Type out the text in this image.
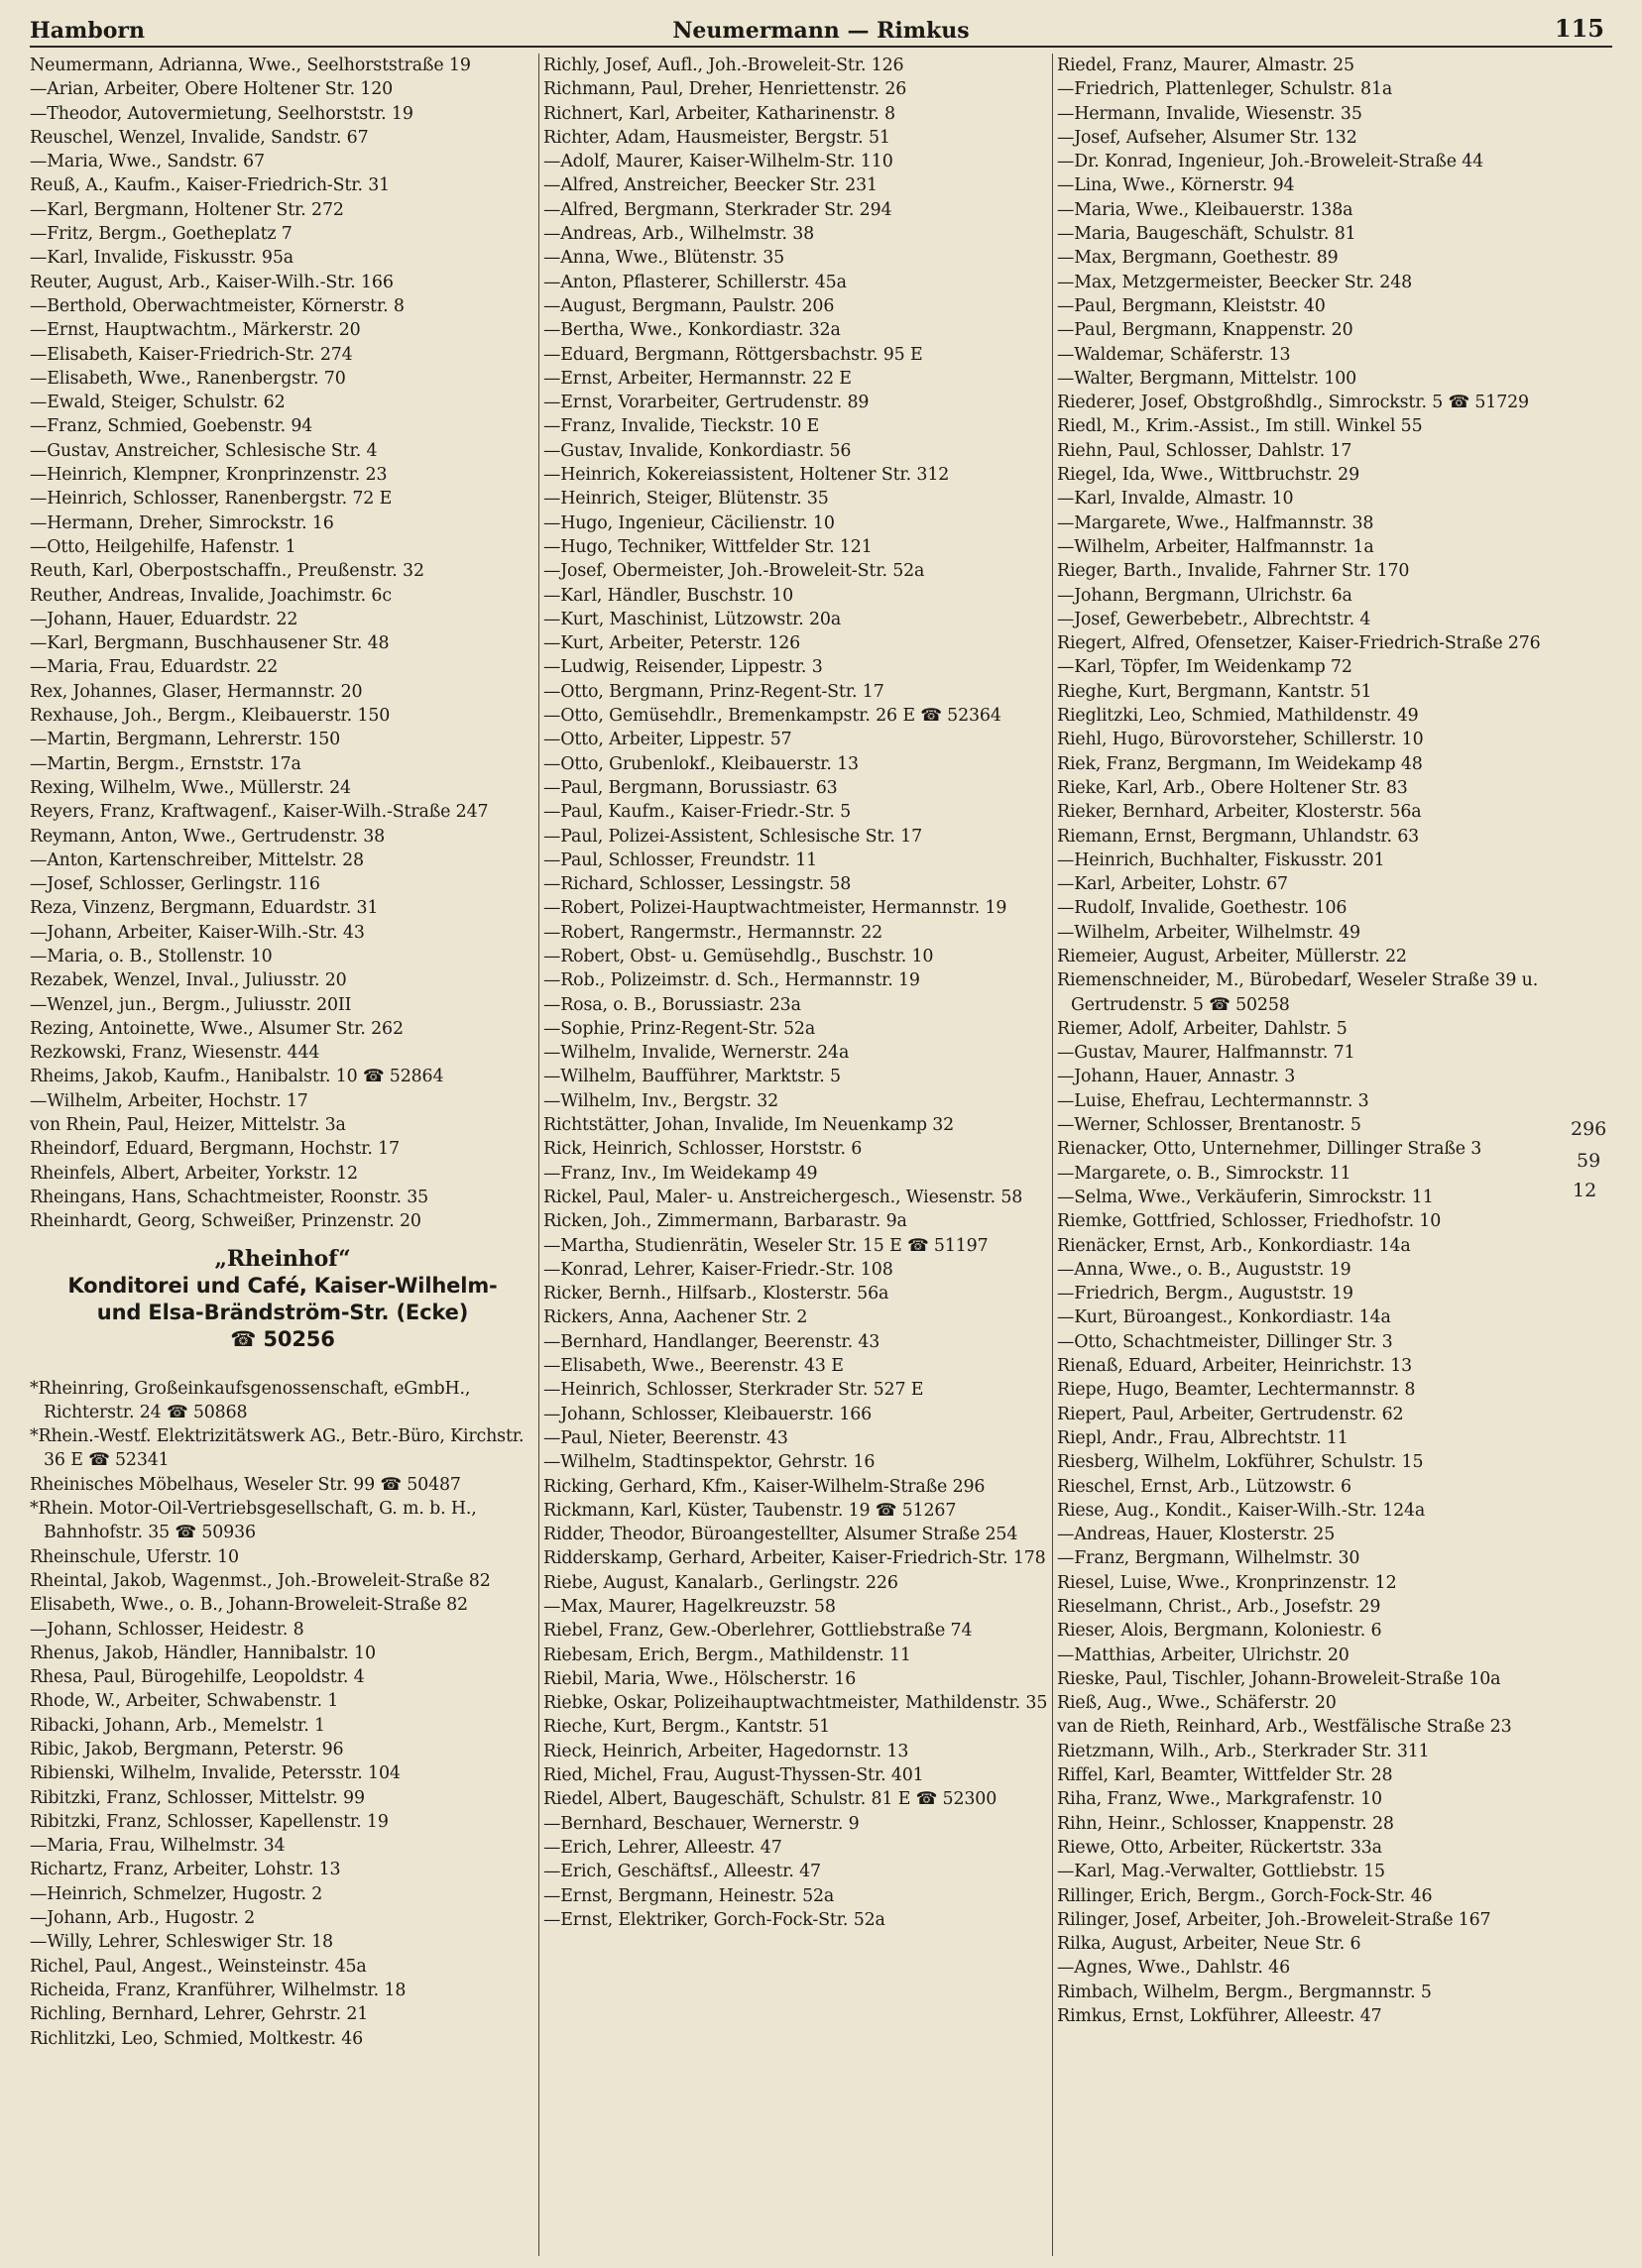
Hamborn	Neumermann — Rimkus	115
Neumermann, Adrianna, Wwe., Seelhorststraße 19
—Arian, Arbeiter, Obere Holtener Str. 120
—Theodor, Autovermietung, Seelhorststr. 19
Reuschel, Wenzel, Invalide, Sandstr. 67
—Maria, Wwe., Sandstr. 67
Reuß, A., Kaufm., Kaiser-Friedrich-Str. 31
—Karl, Bergmann, Holtener Str. 272
—Fritz, Bergm., Goetheplatz 7
—Karl, Invalide, Fiskusstr. 95a
Reuter, August, Arb., Kaiser-Wilh.-Str. 166
—Berthold, Oberwachtmeister, Körnerstr. 8
—Ernst, Hauptwachtm., Märkerstr. 20
—Elisabeth, Kaiser-Friedrich-Str. 274
—Elisabeth, Wwe., Ranenbergstr. 70
—Ewald, Steiger, Schulstr. 62
—Franz, Schmied, Goebenstr. 94
—Gustav, Anstreicher, Schlesische Str. 4
—Heinrich, Klempner, Kronprinzenstr. 23
—Heinrich, Schlosser, Ranenbergstr. 72 E
—Hermann, Dreher, Simrockstr. 16
—Otto, Heilgehilfe, Hafenstr. 1
Reuth, Karl, Oberpostschaffn., Preußenstr. 32
Reuther, Andreas, Invalide, Joachimstr. 6c
—Johann, Hauer, Eduardstr. 22
—Karl, Bergmann, Buschhausener Str. 48
—Maria, Frau, Eduardstr. 22
Rex, Johannes, Glaser, Hermannstr. 20
Rexhause, Joh., Bergm., Kleibauerstr. 150
—Martin, Bergmann, Lehrerstr. 150
—Martin, Bergm., Ernststr. 17a
Rexing, Wilhelm, Wwe., Müllerstr. 24
Reyers, Franz, Kraftwagenf., Kaiser-Wilh.-Straße 247
Reymann, Anton, Wwe., Gertrudenstr. 38
—Anton, Kartenschreiber, Mittelstr. 28
—Josef, Schlosser, Gerlingstr. 116
Reza, Vinzenz, Bergmann, Eduardstr. 31
—Johann, Arbeiter, Kaiser-Wilh.-Str. 43
—Maria, o. B., Stollenstr. 10
Rezabek, Wenzel, Inval., Juliusstr. 20
—Wenzel, jun., Bergm., Juliusstr. 20II
Rezing, Antoinette, Wwe., Alsumer Str. 262
Rezkowski, Franz, Wiesenstr. 444
Rheims, Jakob, Kaufm., Hanibalstr. 10 ☎ 52864
—Wilhelm, Arbeiter, Hochstr. 17
von Rhein, Paul, Heizer, Mittelstr. 3a
Rheindorf, Eduard, Bergmann, Hochstr. 17
Rheinfels, Albert, Arbeiter, Yorkstr. 12
Rheingans, Hans, Schachtmeister, Roonstr. 35
Rheinhardt, Georg, Schweißer, Prinzenstr. 20
„Rheinhof“
Konditorei und Café, Kaiser-Wilhelm-
und Elsa-Brändström-Str. (Ecke)
☎ 50256
*Rheinring, Großeinkaufsgenossenschaft, eGmbH., Richterstr. 24 ☎ 50868
*Rhein.-Westf. Elektrizitätswerk AG., Betr.-Büro, Kirchstr. 36 E ☎ 52341
Rheinisches Möbelhaus, Weseler Str. 99 ☎ 50487
*Rhein. Motor-Oil-Vertriebsgesellschaft, G. m. b. H., Bahnhofstr. 35 ☎ 50936
Rheinschule, Uferstr. 10
Rheintal, Jakob, Wagenmst., Joh.-Broweleit-Straße 82
Elisabeth, Wwe., o. B., Johann-Broweleit-Straße 82
—Johann, Schlosser, Heidestr. 8
Rhenus, Jakob, Händler, Hannibalstr. 10
Rhesa, Paul, Bürogehilfe, Leopoldstr. 4
Rhode, W., Arbeiter, Schwabenstr. 1
Ribacki, Johann, Arb., Memelstr. 1
Ribic, Jakob, Bergmann, Peterstr. 96
Ribienski, Wilhelm, Invalide, Petersstr. 104
Ribitzki, Franz, Schlosser, Mittelstr. 99
Ribitzki, Franz, Schlosser, Kapellenstr. 19
—Maria, Frau, Wilhelmstr. 34
Richartz, Franz, Arbeiter, Lohstr. 13
—Heinrich, Schmelzer, Hugostr. 2
—Johann, Arb., Hugostr. 2
—Willy, Lehrer, Schleswiger Str. 18
Richel, Paul, Angest., Weinsteinstr. 45a
Richeida, Franz, Kranführer, Wilhelmstr. 18
Richling, Bernhard, Lehrer, Gehrstr. 21
Richlitzki, Leo, Schmied, Moltkestr. 46
Richly, Josef, Aufl., Joh.-Broweleit-Str. 126
Richmann, Paul, Dreher, Henriettenstr. 26
Richnert, Karl, Arbeiter, Katharinenstr. 8
Richter, Adam, Hausmeister, Bergstr. 51
—Adolf, Maurer, Kaiser-Wilhelm-Str. 110
—Alfred, Anstreicher, Beecker Str. 231
—Alfred, Bergmann, Sterkrader Str. 294
—Andreas, Arb., Wilhelmstr. 38
—Anna, Wwe., Blütenstr. 35
—Anton, Pflasterer, Schillerstr. 45a
—August, Bergmann, Paulstr. 206
—Bertha, Wwe., Konkordiastr. 32a
—Eduard, Bergmann, Röttgersbachstr. 95 E
—Ernst, Arbeiter, Hermannstr. 22 E
—Ernst, Vorarbeiter, Gertrudenstr. 89
—Franz, Invalide, Tieckstr. 10 E
—Gustav, Invalide, Konkordiastr. 56
—Heinrich, Kokereiassistent, Holtener Str. 312
—Heinrich, Steiger, Blütenstr. 35
—Hugo, Ingenieur, Cäcilienstr. 10
—Hugo, Techniker, Wittfelder Str. 121
—Josef, Obermeister, Joh.-Broweleit-Str. 52a
—Karl, Händler, Buschstr. 10
—Kurt, Maschinist, Lützowstr. 20a
—Kurt, Arbeiter, Peterstr. 126
—Ludwig, Reisender, Lippestr. 3
—Otto, Bergmann, Prinz-Regent-Str. 17
—Otto, Gemüsehdlr., Bremenkampstr. 26 E ☎ 52364
—Otto, Arbeiter, Lippestr. 57
—Otto, Grubenlokf., Kleibauerstr. 13
—Paul, Bergmann, Borussiastr. 63
—Paul, Kaufm., Kaiser-Friedr.-Str. 5
—Paul, Polizei-Assistent, Schlesische Str. 17
—Paul, Schlosser, Freundstr. 11
—Richard, Schlosser, Lessingstr. 58
—Robert, Polizei-Hauptwachtmeister, Hermannstr. 19
—Robert, Rangermstr., Hermannstr. 22
—Robert, Obst- u. Gemüsehdlg., Buschstr. 10
—Rob., Polizeimstr. d. Sch., Hermannstr. 19
—Rosa, o. B., Borussiastr. 23a
—Sophie, Prinz-Regent-Str. 52a
—Wilhelm, Invalide, Wernerstr. 24a
—Wilhelm, Baufführer, Marktstr. 5
—Wilhelm, Inv., Bergstr. 32
Richtstätter, Johan, Invalide, Im Neuenkamp 32
Rick, Heinrich, Schlosser, Horststr. 6
—Franz, Inv., Im Weidekamp 49
Rickel, Paul, Maler- u. Anstreichergesch., Wiesenstr. 58
Ricken, Joh., Zimmermann, Barbarastr. 9a
—Martha, Studienrätin, Weseler Str. 15 E ☎ 51197
—Konrad, Lehrer, Kaiser-Friedr.-Str. 108
Ricker, Bernh., Hilfsarb., Klosterstr. 56a
Rickers, Anna, Aachener Str. 2
—Bernhard, Handlanger, Beerenstr. 43
—Elisabeth, Wwe., Beerenstr. 43 E
—Heinrich, Schlosser, Sterkrader Str. 527 E
—Johann, Schlosser, Kleibauerstr. 166
—Paul, Nieter, Beerenstr. 43
—Wilhelm, Stadtinspektor, Gehrstr. 16
Ricking, Gerhard, Kfm., Kaiser-Wilhelm-Straße 296
Rickmann, Karl, Küster, Taubenstr. 19 ☎ 51267
Ridder, Theodor, Büroangestellter, Alsumer Straße 254
Ridderskamp, Gerhard, Arbeiter, Kaiser-Friedrich-Str. 178
Riebe, August, Kanalarb., Gerlingstr. 226
—Max, Maurer, Hagelkreuzstr. 58
Riebel, Franz, Gew.-Oberlehrer, Gottliebstraße 74
Riebesam, Erich, Bergm., Mathildenstr. 11
Riebil, Maria, Wwe., Hölscherstr. 16
Riebke, Oskar, Polizeihauptwachtmeister, Mathildenstr. 35
Rieche, Kurt, Bergm., Kantstr. 51
Rieck, Heinrich, Arbeiter, Hagedornstr. 13
Ried, Michel, Frau, August-Thyssen-Str. 401
Riedel, Albert, Baugeschäft, Schulstr. 81 E ☎ 52300
—Bernhard, Beschauer, Wernerstr. 9
—Erich, Lehrer, Alleestr. 47
—Erich, Geschäftsf., Alleestr. 47
—Ernst, Bergmann, Heinestr. 52a
—Ernst, Elektriker, Gorch-Fock-Str. 52a
Riedel, Franz, Maurer, Almastr. 25
—Friedrich, Plattenleger, Schulstr. 81a
—Hermann, Invalide, Wiesenstr. 35
—Josef, Aufseher, Alsumer Str. 132
—Dr. Konrad, Ingenieur, Joh.-Broweleit-Straße 44
—Lina, Wwe., Körnerstr. 94
—Maria, Wwe., Kleibauerstr. 138a
—Maria, Baugeschäft, Schulstr. 81
—Max, Bergmann, Goethestr. 89
—Max, Metzgermeister, Beecker Str. 248
—Paul, Bergmann, Kleiststr. 40
—Paul, Bergmann, Knappenstr. 20
—Waldemar, Schäferstr. 13
—Walter, Bergmann, Mittelstr. 100
Riederer, Josef, Obstgroßhdlg., Simrockstr. 5 ☎ 51729
Riedl, M., Krim.-Assist., Im still. Winkel 55
Riehn, Paul, Schlosser, Dahlstr. 17
Riegel, Ida, Wwe., Wittbruchstr. 29
—Karl, Invalde, Almastr. 10
—Margarete, Wwe., Halfmannstr. 38
—Wilhelm, Arbeiter, Halfmannstr. 1a
Rieger, Barth., Invalide, Fahrner Str. 170
—Johann, Bergmann, Ulrichstr. 6a
—Josef, Gewerbebetr., Albrechtstr. 4
Riegert, Alfred, Ofensetzer, Kaiser-Friedrich-Straße 276
—Karl, Töpfer, Im Weidenkamp 72
Rieghe, Kurt, Bergmann, Kantstr. 51
Rieglitzki, Leo, Schmied, Mathildenstr. 49
Riehl, Hugo, Bürovorsteher, Schillerstr. 10
Riek, Franz, Bergmann, Im Weidekamp 48
Rieke, Karl, Arb., Obere Holtener Str. 83
Rieker, Bernhard, Arbeiter, Klosterstr. 56a
Riemann, Ernst, Bergmann, Uhlandstr. 63
—Heinrich, Buchhalter, Fiskusstr. 201
—Karl, Arbeiter, Lohstr. 67
—Rudolf, Invalide, Goethestr. 106
—Wilhelm, Arbeiter, Wilhelmstr. 49
Riemeier, August, Arbeiter, Müllerstr. 22
Riemenschneider, M., Bürobedarf, Weseler Straße 39 u. Gertrudenstr. 5 ☎ 50258
Riemer, Adolf, Arbeiter, Dahlstr. 5
—Gustav, Maurer, Halfmannstr. 71
—Johann, Hauer, Annastr. 3
—Luise, Ehefrau, Lechtermannstr. 3
—Werner, Schlosser, Brentanostr. 5
Rienacker, Otto, Unternehmer, Dillinger Straße 3
—Margarete, o. B., Simrockstr. 11
—Selma, Wwe., Verkäuferin, Simrockstr. 11
Riemke, Gottfried, Schlosser, Friedhofstr. 10
Rienäcker, Ernst, Arb., Konkordiastr. 14a
—Anna, Wwe., o. B., Auguststr. 19
—Friedrich, Bergm., Auguststr. 19
—Kurt, Büroangest., Konkordiastr. 14a
—Otto, Schachtmeister, Dillinger Str. 3
Rienaß, Eduard, Arbeiter, Heinrichstr. 13
Riepe, Hugo, Beamter, Lechtermannstr. 8
Riepert, Paul, Arbeiter, Gertrudenstr. 62
Riepl, Andr., Frau, Albrechtstr. 11
Riesberg, Wilhelm, Lokführer, Schulstr. 15
Rieschel, Ernst, Arb., Lützowstr. 6
Riese, Aug., Kondit., Kaiser-Wilh.-Str. 124a
—Andreas, Hauer, Klosterstr. 25
—Franz, Bergmann, Wilhelmstr. 30
Riesel, Luise, Wwe., Kronprinzenstr. 12
Rieselmann, Christ., Arb., Josefstr. 29
Rieser, Alois, Bergmann, Koloniestr. 6
—Matthias, Arbeiter, Ulrichstr. 20
Rieske, Paul, Tischler, Johann-Broweleit-Straße 10a
Rieß, Aug., Wwe., Schäferstr. 20
van de Rieth, Reinhard, Arb., Westfälische Straße 23
Rietzmann, Wilh., Arb., Sterkrader Str. 311
Riffel, Karl, Beamter, Wittfelder Str. 28
Riha, Franz, Wwe., Markgrafenstr. 10
Rihn, Heinr., Schlosser, Knappenstr. 28
Riewe, Otto, Arbeiter, Rückertstr. 33a
—Karl, Mag.-Verwalter, Gottliebstr. 15
Rillinger, Erich, Bergm., Gorch-Fock-Str. 46
Rilinger, Josef, Arbeiter, Joh.-Broweleit-Straße 167
Rilka, August, Arbeiter, Neue Str. 6
—Agnes, Wwe., Dahlstr. 46
Rimbach, Wilhelm, Bergm., Bergmannstr. 5
Rimkus, Ernst, Lokführer, Alleestr. 47
296
59
12
